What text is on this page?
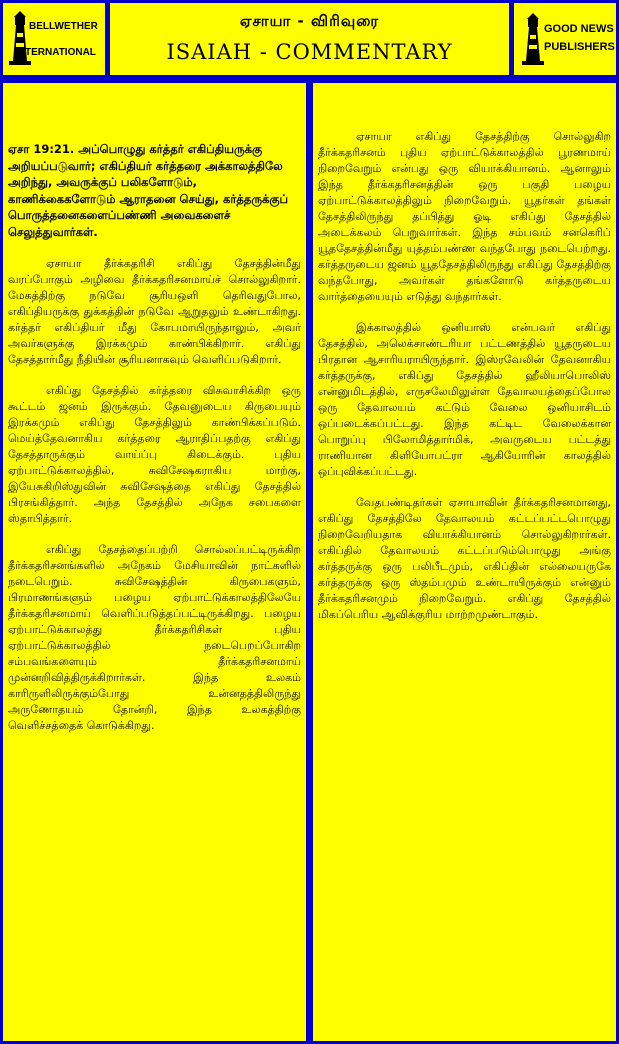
BELLWETHER
INTERNATIONAL
ஏசாயா - விரிவுரை
ISAIAH - COMMENTARY
GOOD NEWS
PUBLISHERS

ஏசா 19:21. அப்பொழுது கர்த்தர் எகிப்தியருக்கு அறியப்படுவார்; எகிப்தியர் கர்த்தரை அக்காலத்திலே அறிந்து, அவருக்குப் பலிகளோடும், காணிக்கைகளோடும் ஆராதனை செய்து, கர்த்தருக்குப் பொருத்தனைகளைப்பண்ணி அவைகளைச் செலுத்துவார்கள்.

ஏசாயா தீர்க்கதரிசி எகிப்து தேசத்தின்மீது வரப்போகும் அழிவை தீர்க்கதரிசனமாய்ச் சொல்லுகிறார். மேகத்திற்கு நடுவே சூரியஒளி தெரிவதுபோல, எகிப்தியருக்கு துக்கத்தின் நடுவே ஆறுதலும் உண்டாகிறது. கர்த்தர் எகிப்தியர் மீது கோபமாயிருந்தாலும், அவர் அவர்களுக்கு இரக்கமும் காண்பிக்கிறார். எகிப்து தேசத்தார்மீது நீதியின் சூரியனாகவும் வெளிப்படுகிறார்.

எகிப்து தேசத்தில் கர்த்தரை விசுவாசிக்கிற ஒரு கூட்டம் ஜனம் இருக்கும். தேவனுடைய கிருபையும் இரக்கமும் எகிப்து தேசத்திலும் காண்பிக்கப்படும். மெய்த்தேவனாகிய கர்த்தரை ஆராதிப்பதற்கு எகிப்து தேசத்தாருக்கும் வாய்ப்பு கிடைக்கும். புதிய ஏற்பாட்டுக்காலத்தில், சுவிசேஷகராகிய மாற்கு, இயேசுகிறிஸ்துவின் சுவிசேஷத்தை எகிப்து தேசத்தில் பிரசங்கித்தார். அந்த தேசத்தில் அநேக சபைகளை ஸ்தாபித்தார்.

எகிப்து தேசத்தைப்பற்றி சொல்லப்பட்டிருக்கிற தீர்க்கதரிசனங்களில் அநேகம் மேசியாவின் நாட்களில் நடைபெறும். சுவிசேஷத்தின் கிருபைகளும், பிரமாணங்களும் பழைய ஏற்பாட்டுக்காலத்திலேயே தீர்க்கதரிசனமாய் வெளிப்படுத்தப்பட்டிருக்கிறது. பழைய ஏற்பாட்டுக்காலத்து தீர்க்கதரிசிகள் புதிய ஏற்பாட்டுக்காலத்தில் நடைபெறப்போகிற சம்பவங்களையும் தீர்க்கதரிசனமாய் முன்னறிவித்திருக்கிறார்கள். இந்த உலகம் காரிருளிலிருக்கும்போது உன்னதத்திலிருந்து அருணோதயம் தோன்றி, இந்த உலகத்திற்கு வெளிச்சத்தைக் கொடுக்கிறது.

ஏசாயா எகிப்து தேசத்திற்கு சொல்லுகிற தீர்க்கதரிசனம் புதிய ஏற்பாட்டுக்காலத்தில் பூரணமாய் நிறைவேறும் என்பது ஒரு வியாக்கியானம். ஆனாலும் இந்த தீர்க்கதரிசனத்தின் ஒரு பகுதி பழைய ஏற்பாட்டுக்காலத்திலும் நிறைவேறும். யூதர்கள் தங்கள் தேசத்திலிருந்து தப்பித்து ஓடி எகிப்து தேசத்தில் அடைக்கலம் பெறுவார்கள். இந்த சம்பவம் சனகெரிப் யூததேசத்தின்மீது யுத்தம்பண்ண வந்தபோது நடைபெற்றது. கர்த்தருடைய ஜனம் யூததேசத்திலிருந்து எகிப்து தேசத்திற்கு வந்தபோது, அவர்கள் தங்களோடு கர்த்தருடைய வார்த்தையையும் எடுத்து வந்தார்கள்.

இக்காலத்தில் ஒனியாஸ் என்பவர் எகிப்து தேசத்தில், அலெக்சாண்டரியா பட்டணத்தில் யூதருடைய பிரதான ஆசாரியராயிருந்தார். இஸ்ரவேலின் தேவனாகிய கர்த்தருக்கு, எகிப்து தேசத்தில் ஹீலியாபொலிஸ் என்னுமிடத்தில், எருசலேமிலுள்ள தேவாலயத்தைப்போல ஒரு தேவாலயம் கட்டும் வேலை ஒனியாசிடம் ஒப்படைக்கப்பட்டது. இந்த கட்டிட வேலைக்கான பொறுப்பு பிலோமித்தார்மிக், அவருடைய பட்டத்து ராணியான கிளியோபட்ரா ஆகியோரின் காலத்தில் ஒப்புவிக்கப்பட்டது.

வேதபண்டிதர்கள் ஏசாயாவின் தீர்க்கதரிசனமானது, எகிப்து தேசத்திலே தேவாலயம் கட்டப்பட்டபொழுது நிறைவேறியதாக வியாக்கியானம் சொல்லுகிறார்கள். எகிப்தில் தேவாலயம் கட்டப்படும்பொழுது அங்கு கர்த்தருக்கு ஒரு பலிபீடமும், எகிப்தின் எல்லையருகே கர்த்தருக்கு ஒரு ஸ்தம்பமும் உண்டாயிருக்கும் என்னும் தீர்க்கதரிசனமும் நிறைவேறும். எகிப்து தேசத்தில் மிகப்பெரிய ஆவிக்குரிய மாற்றமுண்டாகும்.
